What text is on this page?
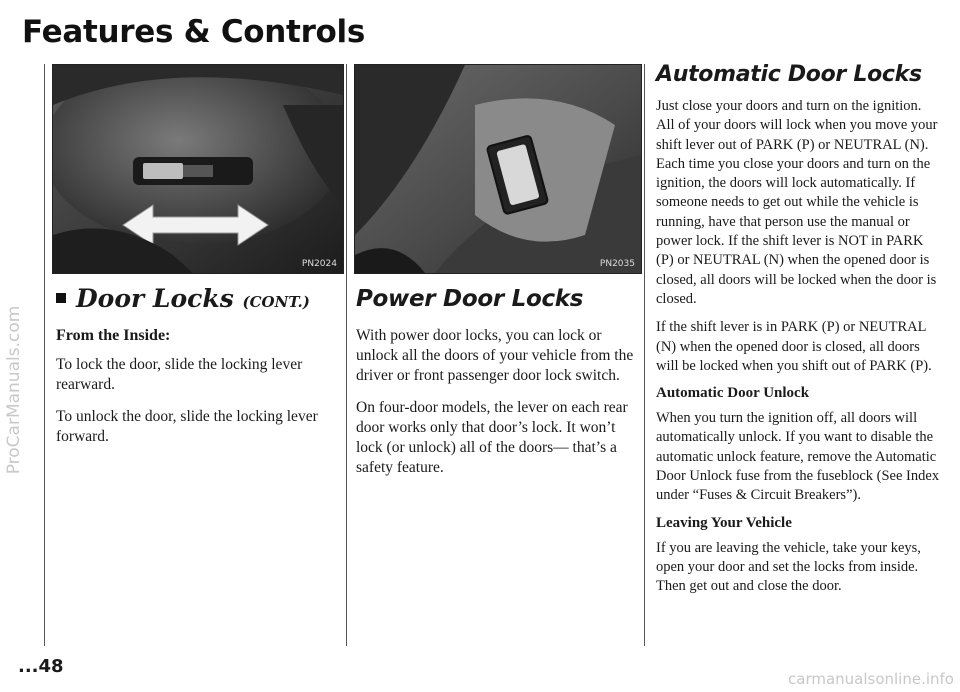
Features & Controls
PN2024	PN2035
Door Locks (CONT.)
From the Inside:

To lock the door, slide the locking lever rearward.

To unlock the door, slide the locking lever forward.

Power Door Locks

With power door locks, you can lock or unlock all the doors of your vehicle from the driver or front passenger door lock switch.

On four-door models, the lever on each rear door works only that door’s lock. It won’t lock (or unlock) all of the doors— that’s a safety feature.

Automatic Door Locks

Just close your doors and turn on the ignition. All of your doors will lock when you move your shift lever out of PARK (P) or NEUTRAL (N). Each time you close your doors and turn on the ignition, the doors will lock automatically. If someone needs to get out while the vehicle is running, have that person use the manual or power lock. If the shift lever is NOT in PARK (P) or NEUTRAL (N) when the opened door is closed, all doors will be locked when the door is closed.

If the shift lever is in PARK (P) or NEUTRAL (N) when the opened door is closed, all doors will be locked when you shift out of PARK (P).

Automatic Door Unlock

When you turn the ignition off, all doors will automatically unlock. If you want to disable the automatic unlock feature, remove the Automatic Door Unlock fuse from the fuseblock (See Index under “Fuses & Circuit Breakers”).

Leaving Your Vehicle

If you are leaving the vehicle, take your keys, open your door and set the locks from inside. Then get out and close the door.

...48
ProCarManuals.com
carmanualsonline.info
